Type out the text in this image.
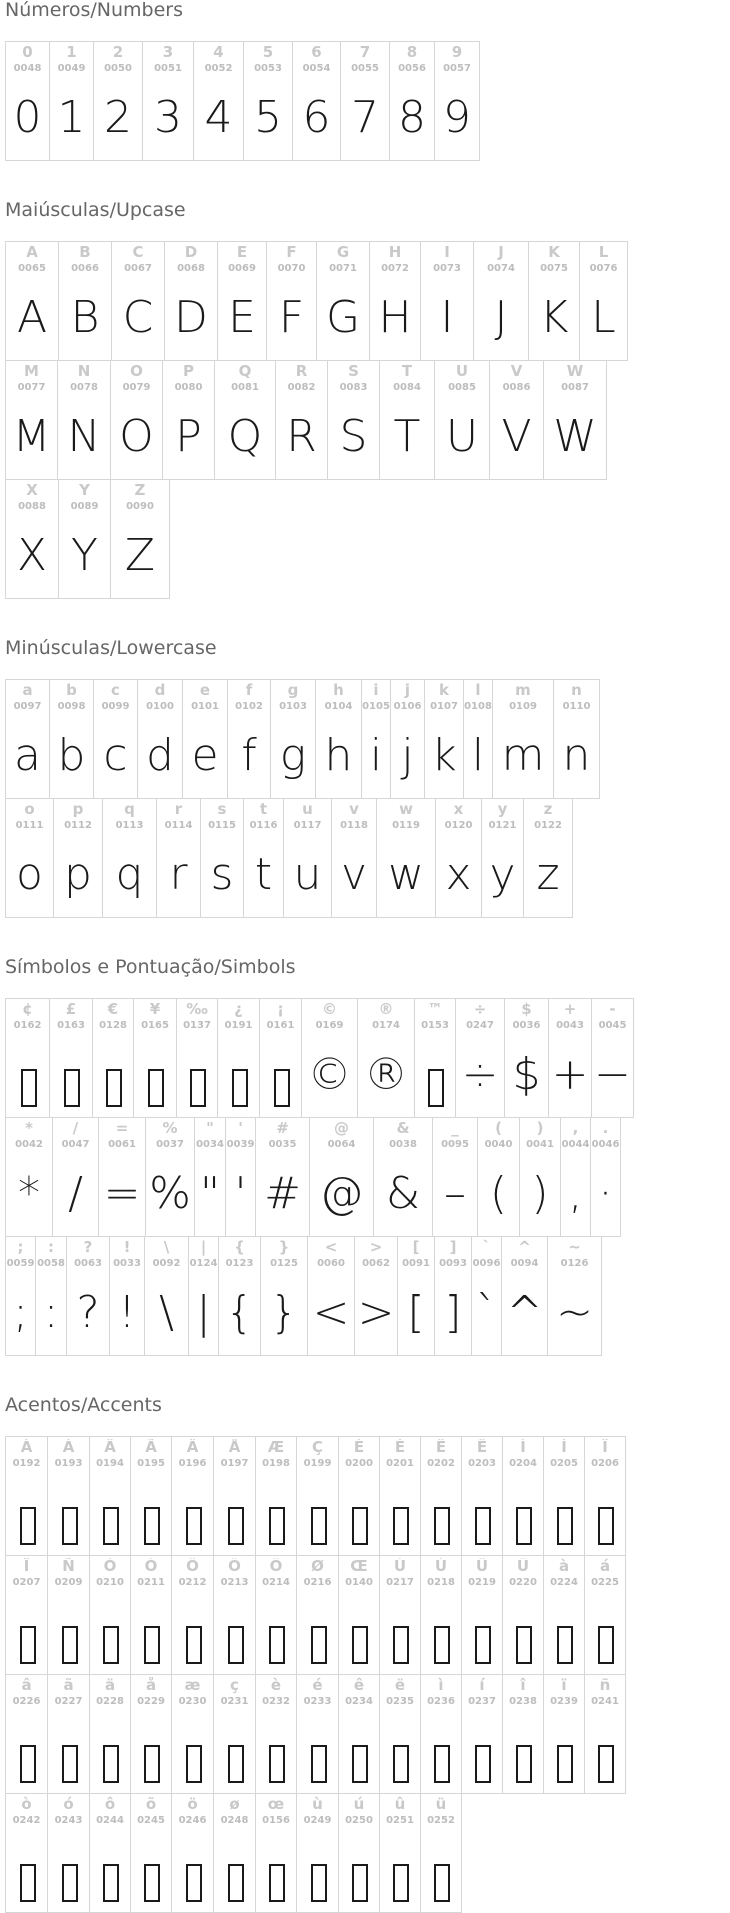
Números/Numbers
0
0048
0
1
0049
1
2
0050
2
3
0051
3
4
0052
4
5
0053
5
6
0054
6
7
0055
7
8
0056
8
9
0057
9
Maiúsculas/Upcase
A
0065
A
B
0066
B
C
0067
C
D
0068
D
E
0069
E
F
0070
F
G
0071
G
H
0072
H
I
0073
I
J
0074
J
K
0075
K
L
0076
L
M
0077
M
N
0078
N
O
0079
O
P
0080
P
Q
0081
Q
R
0082
R
S
0083
S
T
0084
T
U
0085
U
V
0086
V
W
0087
W
X
0088
X
Y
0089
Y
Z
0090
Z
Minúsculas/Lowercase
a
0097
a
b
0098
b
c
0099
c
d
0100
d
e
0101
e
f
0102
f
g
0103
g
h
0104
h
i
0105
i
j
0106
j
k
0107
k
l
0108
l
m
0109
m
n
0110
n
o
0111
o
p
0112
p
q
0113
q
r
0114
r
s
0115
s
t
0116
t
u
0117
u
v
0118
v
w
0119
w
x
0120
x
y
0121
y
z
0122
z
Símbolos e Pontuação/Simbols
¢
0162
£
0163
€
0128
¥
0165
‰
0137
¿
0191
¡
0161
©
0169
©
®
0174
®
™
0153
÷
0247
÷
$
0036
$
+
0043
+
-
0045
−
*
0042
*
/
0047
/
=
0061
=
%
0037
%
"
0034
"
'
0039
'
#
0035
#
@
0064
@
&
0038
&
_
0095
–
(
0040
(
)
0041
)
,
0044
,
.
0046
·
;
0059
;
:
0058
:
?
0063
?
!
0033
!
\
0092
\
|
0124
|
{
0123
{
}
0125
}
<
0060
<
>
0062
>
[
0091
[
]
0093
]
`
0096
`
^
0094
^
~
0126
~
Acentos/Accents
À
0192
Á
0193
Â
0194
Ã
0195
Ä
0196
Å
0197
Æ
0198
Ç
0199
È
0200
É
0201
Ê
0202
Ë
0203
Ì
0204
Í
0205
Î
0206
Ï
0207
Ñ
0209
Ò
0210
Ó
0211
Ô
0212
Õ
0213
Ö
0214
Ø
0216
Œ
0140
Ù
0217
Ú
0218
Û
0219
Ü
0220
à
0224
á
0225
â
0226
ã
0227
ä
0228
å
0229
æ
0230
ç
0231
è
0232
é
0233
ê
0234
ë
0235
ì
0236
í
0237
î
0238
ï
0239
ñ
0241
ò
0242
ó
0243
ô
0244
õ
0245
ö
0246
ø
0248
œ
0156
ù
0249
ú
0250
û
0251
ü
0252
